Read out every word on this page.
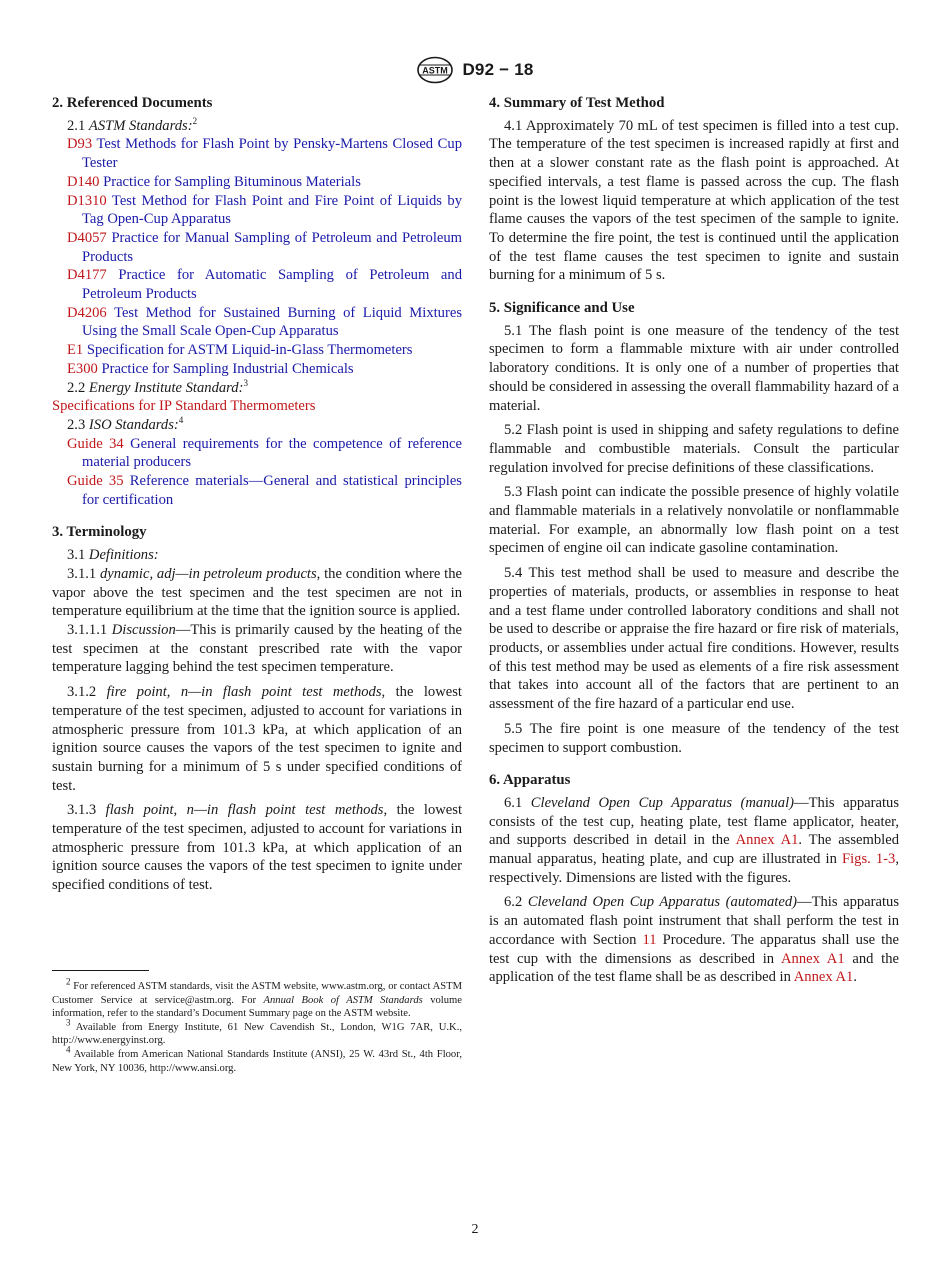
ASTM D92 − 18
2. Referenced Documents

2.1 ASTM Standards:$^2$

D93 Test Methods for Flash Point by Pensky-Martens Closed Cup Tester

D140 Practice for Sampling Bituminous Materials

D1310 Test Method for Flash Point and Fire Point of Liquids by Tag Open-Cup Apparatus

D4057 Practice for Manual Sampling of Petroleum and Petroleum Products

D4177 Practice for Automatic Sampling of Petroleum and Petroleum Products

D4206 Test Method for Sustained Burning of Liquid Mixtures Using the Small Scale Open-Cup Apparatus

E1 Specification for ASTM Liquid-in-Glass Thermometers

E300 Practice for Sampling Industrial Chemicals

2.2 Energy Institute Standard:$^3$

Specifications for IP Standard Thermometers

2.3 ISO Standards:$^4$

Guide 34 General requirements for the competence of reference material producers

Guide 35 Reference materials—General and statistical principles for certification

3. Terminology

3.1 Definitions:

3.1.1 dynamic, adj—in petroleum products, the condition where the vapor above the test specimen and the test specimen are not in temperature equilibrium at the time that the ignition source is applied.

3.1.1.1 Discussion—This is primarily caused by the heating of the test specimen at the constant prescribed rate with the vapor temperature lagging behind the test specimen temperature.

3.1.2 fire point, n—in flash point test methods, the lowest temperature of the test specimen, adjusted to account for variations in atmospheric pressure from 101.3 kPa, at which application of an ignition source causes the vapors of the test specimen to ignite and sustain burning for a minimum of 5 s under specified conditions of test.

3.1.3 flash point, n—in flash point test methods, the lowest temperature of the test specimen, adjusted to account for variations in atmospheric pressure from 101.3 kPa, at which application of an ignition source causes the vapors of the test specimen to ignite under specified conditions of test.

$^2$ For referenced ASTM standards, visit the ASTM website, www.astm.org, or contact ASTM Customer Service at service@astm.org. For Annual Book of ASTM Standards volume information, refer to the standard’s Document Summary page on the ASTM website.

$^3$ Available from Energy Institute, 61 New Cavendish St., London, W1G 7AR, U.K., http://www.energyinst.org.

$^4$ Available from American National Standards Institute (ANSI), 25 W. 43rd St., 4th Floor, New York, NY 10036, http://www.ansi.org.

4. Summary of Test Method

4.1 Approximately 70 mL of test specimen is filled into a test cup. The temperature of the test specimen is increased rapidly at first and then at a slower constant rate as the flash point is approached. At specified intervals, a test flame is passed across the cup. The flash point is the lowest liquid temperature at which application of the test flame causes the vapors of the test specimen of the sample to ignite. To determine the fire point, the test is continued until the application of the test flame causes the test specimen to ignite and sustain burning for a minimum of 5 s.

5. Significance and Use

5.1 The flash point is one measure of the tendency of the test specimen to form a flammable mixture with air under controlled laboratory conditions. It is only one of a number of properties that should be considered in assessing the overall flammability hazard of a material.

5.2 Flash point is used in shipping and safety regulations to define flammable and combustible materials. Consult the particular regulation involved for precise definitions of these classifications.

5.3 Flash point can indicate the possible presence of highly volatile and flammable materials in a relatively nonvolatile or nonflammable material. For example, an abnormally low flash point on a test specimen of engine oil can indicate gasoline contamination.

5.4 This test method shall be used to measure and describe the properties of materials, products, or assemblies in response to heat and a test flame under controlled laboratory conditions and shall not be used to describe or appraise the fire hazard or fire risk of materials, products, or assemblies under actual fire conditions. However, results of this test method may be used as elements of a fire risk assessment that takes into account all of the factors that are pertinent to an assessment of the fire hazard of a particular end use.

5.5 The fire point is one measure of the tendency of the test specimen to support combustion.

6. Apparatus

6.1 Cleveland Open Cup Apparatus (manual)—This apparatus consists of the test cup, heating plate, test flame applicator, heater, and supports described in detail in the Annex A1. The assembled manual apparatus, heating plate, and cup are illustrated in Figs. 1-3, respectively. Dimensions are listed with the figures.

6.2 Cleveland Open Cup Apparatus (automated)—This apparatus is an automated flash point instrument that shall perform the test in accordance with Section 11 Procedure. The apparatus shall use the test cup with the dimensions as described in Annex A1 and the application of the test flame shall be as described in Annex A1.

2
